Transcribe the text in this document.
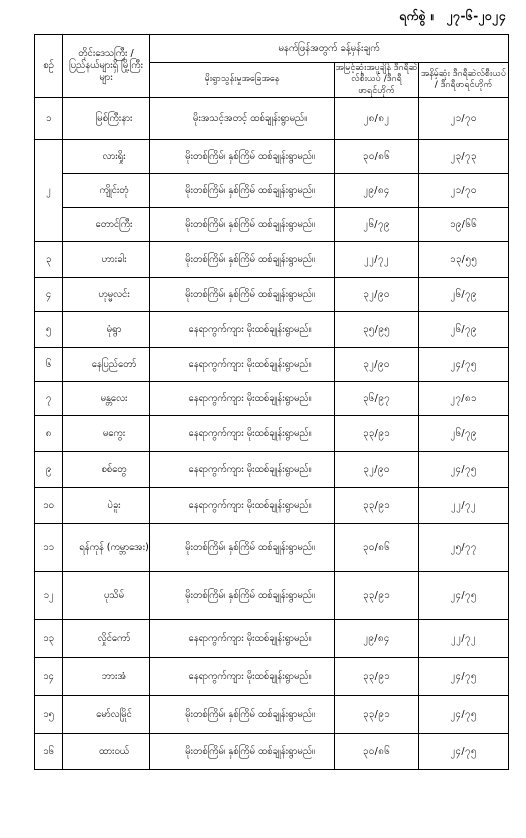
ရက်စွဲ ။ ၂၇-၆-၂၀၂၄
စဉ်	တိုင်းဒေသကြီး / ပြည်နယ်များရှိ မြို့ကြီးများ	မနက်ဖြန်အတွက် ခန့်မှန်းချက်		
		မိုးရွာသွန်းမှုအခြေအနေ	အမြင့်ဆုံးအပူချိန် ဒီဂရီဆဲလ်စီးယပ် /ဒီဂရီဖာရင်ဟိုက်	အနိမ့်ဆုံး ဒီဂရီဆဲလ်စီးယပ် / ဒီဂရီဖာရင်ဟိုက်
၁	မြစ်ကြီးနား	မိုးအသင့်အတင့် ထစ်ချုန်းရွာမည်။	၂၈/၈၂	၂၁/၇၀
၂	လားရှိုး	မိုးတစ်ကြိမ်၊ နှစ်ကြိမ် ထစ်ချုန်းရွာမည်။	၃၀/၈၆	၂၃/၇၃
	ကျိုင်းတုံ	မိုးတစ်ကြိမ်၊ နှစ်ကြိမ် ထစ်ချုန်းရွာမည်။	၂၉/၈၄	၂၁/၇၀
	တောင်ကြီး	မိုးတစ်ကြိမ်၊ နှစ်ကြိမ် ထစ်ချုန်းရွာမည်။	၂၆/၇၉	၁၉/၆၆
၃	ဟားခါး	မိုးတစ်ကြိမ်၊ နှစ်ကြိမ် ထစ်ချုန်းရွာမည်။	၂၂/၇၂	၁၃/၅၅
၄	ဟုမ္မလင်း	မိုးတစ်ကြိမ်၊ နှစ်ကြိမ် ထစ်ချုန်းရွာမည်။	၃၂/၉၀	၂၆/၇၉
၅	မုံရွာ	နေရာကွက်ကျား မိုးထစ်ချုန်းရွာမည်။	၃၅/၉၅	၂၆/၇၉
၆	နေပြည်တော်	နေရာကွက်ကျား မိုးထစ်ချုန်းရွာမည်။	၃၂/၉၀	၂၄/၇၅
၇	မန္တလေး	နေရာကွက်ကျား မိုးထစ်ချုန်းရွာမည်။	၃၆/၉၇	၂၇/၈၁
၈	မကွေး	နေရာကွက်ကျား မိုးထစ်ချုန်းရွာမည်။	၃၃/၉၁	၂၆/၇၉
၉	စစ်တွေ	နေရာကွက်ကျား မိုးထစ်ချုန်းရွာမည်။	၃၂/၉၀	၂၄/၇၅
၁၀	ပဲခူး	နေရာကွက်ကျား မိုးထစ်ချုန်းရွာမည်။	၃၃/၉၁	၂၂/၇၂
၁၁	ရန်ကုန် (ကမ္ဘာအေး)	မိုးတစ်ကြိမ်၊ နှစ်ကြိမ် ထစ်ချုန်းရွာမည်။	၃၀/၈၆	၂၅/၇၇
၁၂	ပုသိမ်	မိုးတစ်ကြိမ်၊ နှစ်ကြိမ် ထစ်ချုန်းရွာမည်။	၃၃/၉၁	၂၄/၇၅
၁၃	လှိုင်ကော်	နေရာကွက်ကျား မိုးထစ်ချုန်းရွာမည်။	၂၉/၈၄	၂၂/၇၂
၁၄	ဘားအံ	နေရာကွက်ကျား မိုးထစ်ချုန်းရွာမည်။	၃၃/၉၁	၂၄/၇၅
၁၅	မော်လမြိုင်	မိုးတစ်ကြိမ်၊ နှစ်ကြိမ် ထစ်ချုန်းရွာမည်။	၃၃/၉၁	၂၄/၇၅
၁၆	ထားဝယ်	မိုးတစ်ကြိမ်၊ နှစ်ကြိမ် ထစ်ချုန်းရွာမည်။	၃၀/၈၆	၂၄/၇၅
